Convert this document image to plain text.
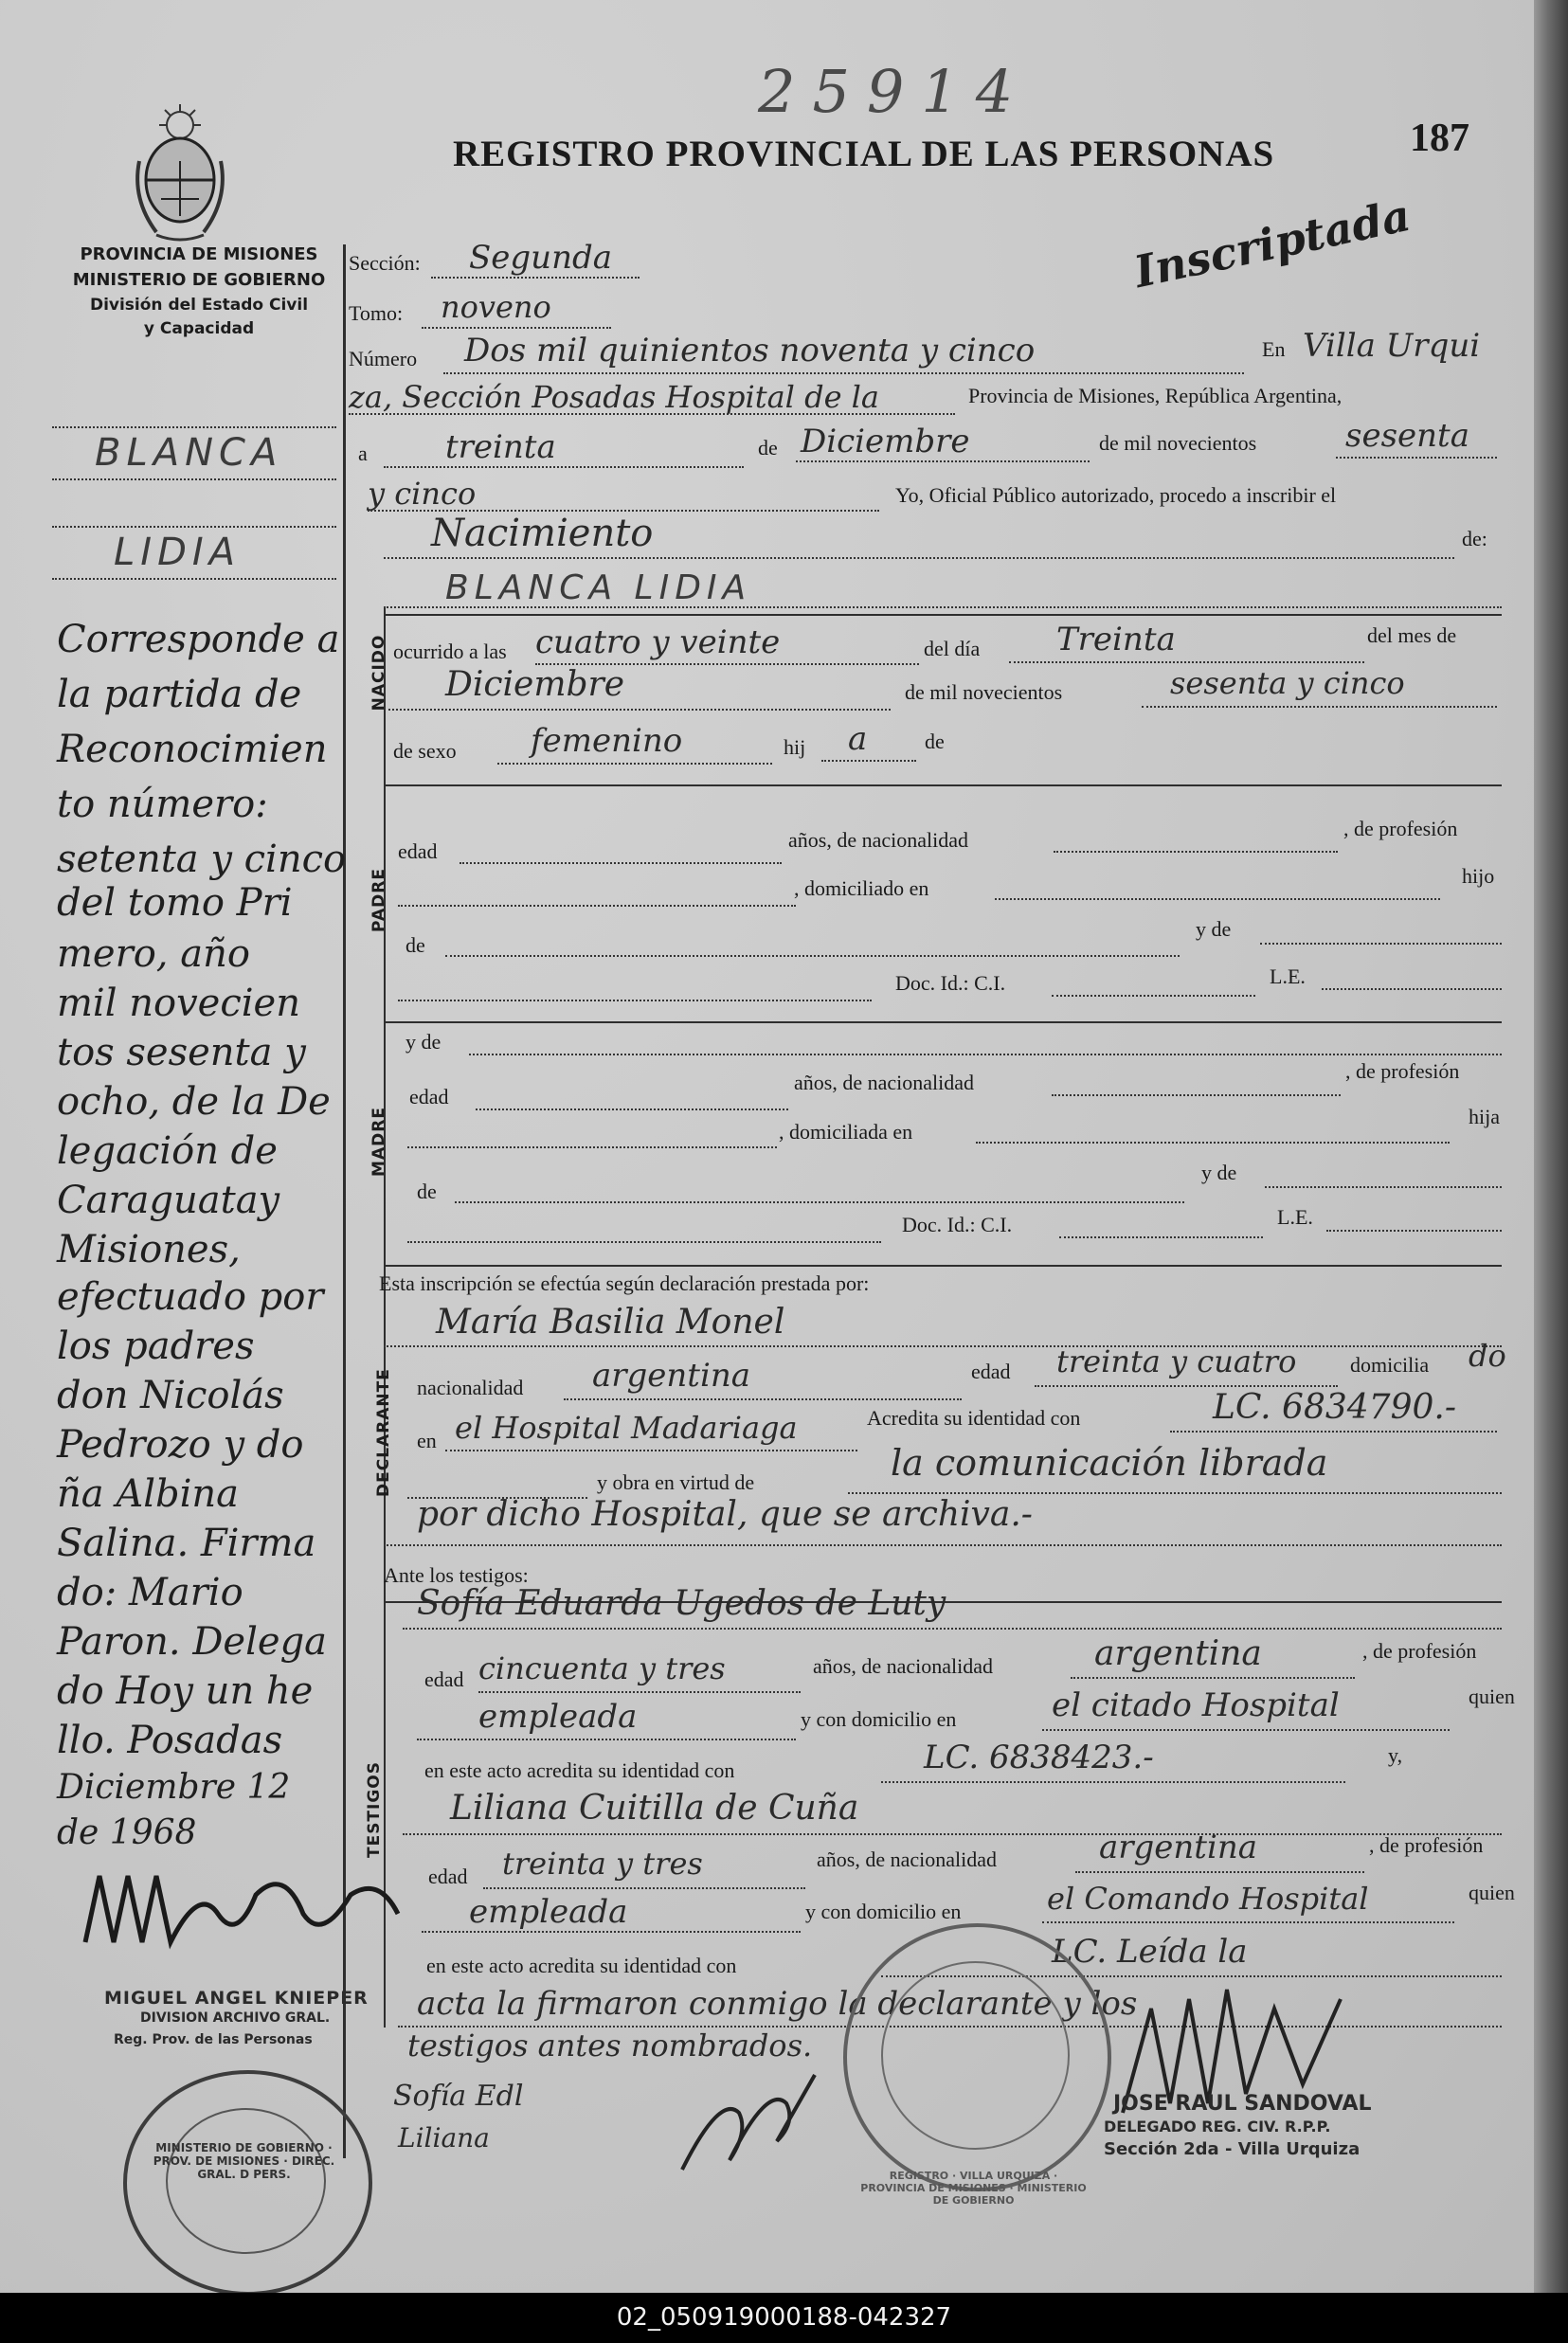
25914
REGISTRO PROVINCIAL DE LAS PERSONAS	187
Inscriptada
PROVINCIA DE MISIONES
MINISTERIO DE GOBIERNO
División del Estado Civil
y Capacidad
NACIDO
PADRE
MADRE
DECLARANTE
TESTIGOS
Sección: Segunda
Tomo: noveno
Número Dos mil quinientos noventa y cinco	En Villa Urqui
za, Sección Posadas Hospital de la	Provincia de Misiones, República Argentina,
a treinta	de Diciembre	de mil novecientos	sesenta
y cinco	Yo, Oficial Público autorizado, procedo a inscribir el
Nacimiento	de:
BLANCA LIDIA
ocurrido a las cuatro y veinte	del día Treinta	del mes de
Diciembre	de mil novecientos	sesenta y cinco
de sexo femenino	hij a	de
edad	años, de nacionalidad	, de profesión
, domiciliado en
hijo
de
y de
Doc. Id.: C.I.	L.E.
y de
edad
años, de nacionalidad	, de profesión
, domiciliada en
hija
de
y de
Doc. Id.: C.I.	L.E.
Esta inscripción se efectúa según declaración prestada por:
María Basilia Monel
nacionalidad argentina	edad treinta y cuatro	domicilia do
en el Hospital Madariaga	Acredita su identidad con	LC. 6834790.-
y obra en virtud de	la comunicación librada
por dicho Hospital, que se archiva.-
Ante los testigos:
Sofía Eduarda Ugedos de Luty
edad cincuenta y tres	años, de nacionalidad	argentina	, de profesión
empleada	y con domicilio en	el citado Hospital	quien
en este acto acredita su identidad con	LC. 6838423.-	y,
Liliana Cuitilla de Cuña
edad treinta y tres	años, de nacionalidad	argentina	, de profesión
empleada	y con domicilio en	el Comando Hospital	quien
en este acto acredita su identidad con	LC. Leída la
acta la firmaron conmigo la declarante y los
testigos antes nombrados.
Sofía Edl
Liliana
JOSE RAUL SANDOVAL
DELEGADO REG. CIV. R.P.P.
Sección 2da - Villa Urquiza
REGISTRO · VILLA URQUIZA · PROVINCIA DE MISIONES · MINISTERIO DE GOBIERNO
MINISTERIO DE GOBIERNO · PROV. DE MISIONES · DIREC. GRAL. D PERS.
MIGUEL ANGEL KNIEPER
DIVISION ARCHIVO GRAL.
Reg. Prov. de las Personas
BLANCA
LIDIA
Corresponde a
la partida de
Reconocimien
to número:
setenta y cinco
del tomo Pri
mero, año
mil novecien
tos sesenta y
ocho, de la De
legación de
Caraguatay
Misiones,
efectuado por
los padres
don Nicolás
Pedrozo y do
ña Albina
Salina. Firma
do: Mario
Paron. Delega
do Hoy un he
llo. Posadas
Diciembre 12
de 1968
02_050919000188-042327
